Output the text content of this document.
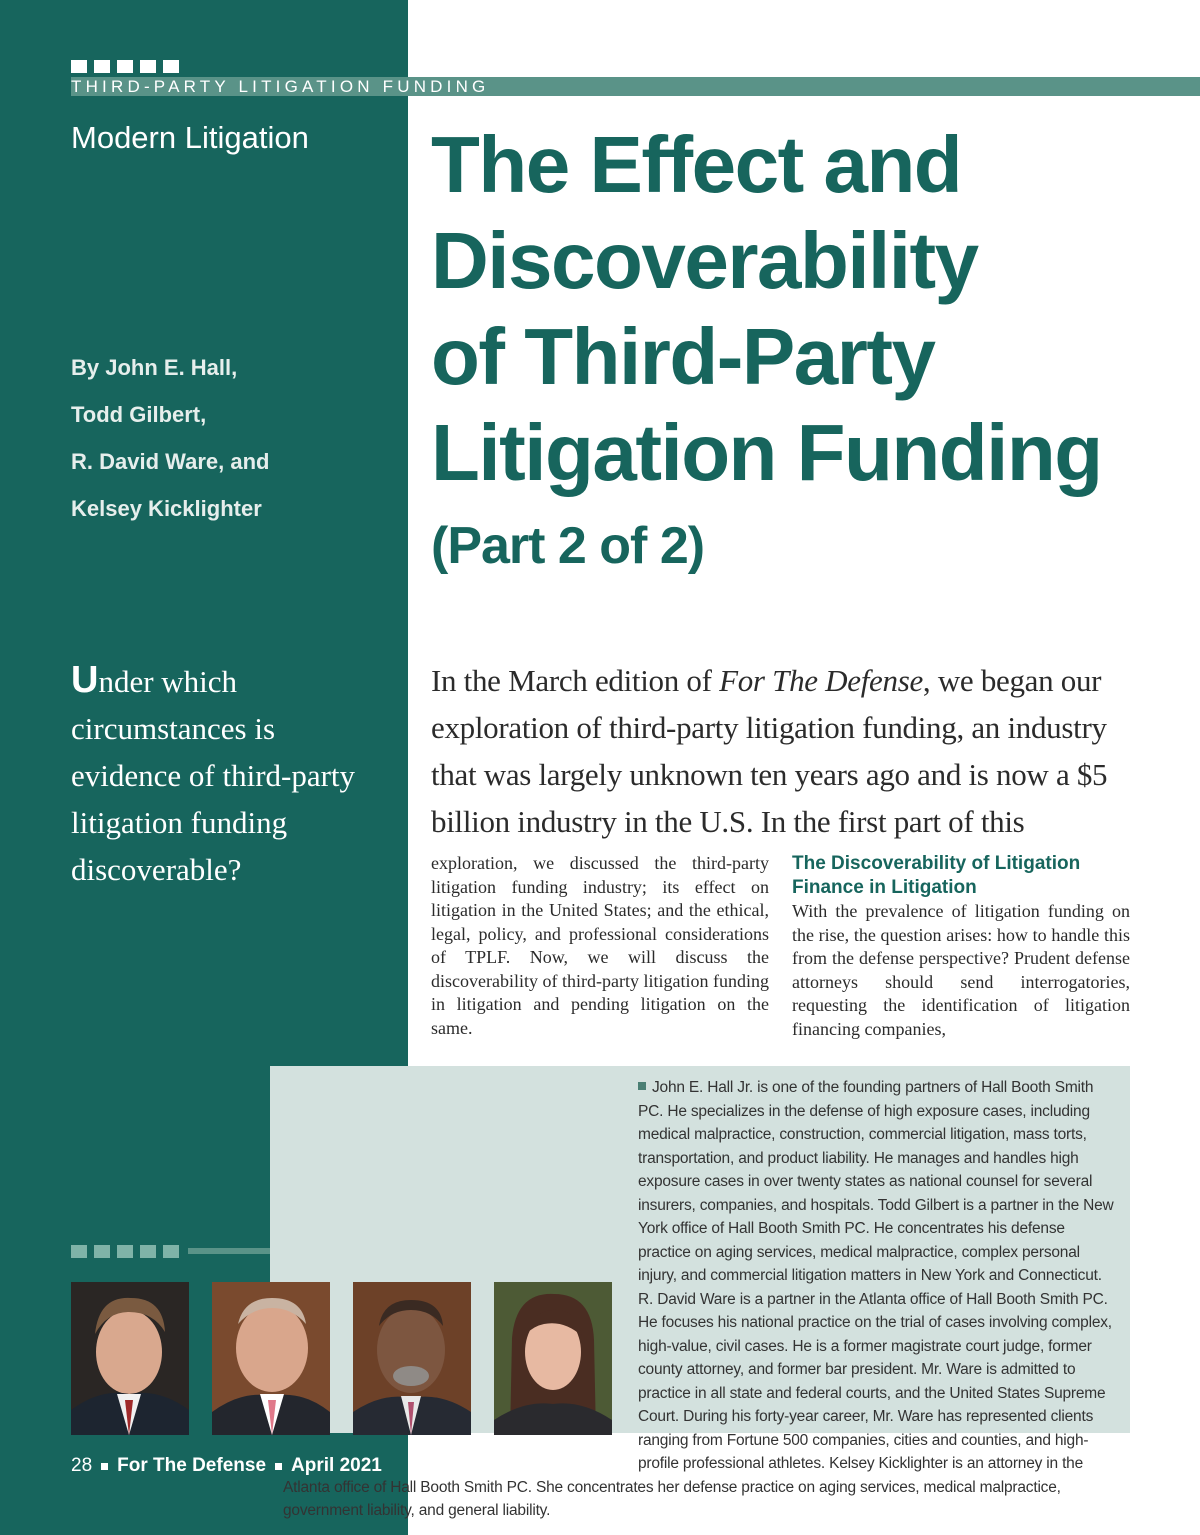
THIRD-PARTY LITIGATION FUNDING
Modern Litigation The Effect and
Discoverability
of Third-Party
Litigation Funding
(Part 2 of 2)
By John E. Hall,
Todd Gilbert,
R. David Ware, and
Kelsey Kicklighter
Under which circumstances is evidence of third-party litigation funding discoverable?
In the March edition of For The Defense, we began our exploration of third-party litigation funding, an industry that was largely unknown ten years ago and is now a $5 billion industry in the U.S. In the first part of this
exploration, we discussed the third-party litigation funding industry; its effect on litigation in the United States; and the ethical, legal, policy, and professional considerations of TPLF. Now, we will discuss the discoverability of third-party litigation funding in litigation and pending litigation on the same.
The Discoverability of Litigation Finance in Litigation
With the prevalence of litigation funding on the rise, the question arises: how to handle this from the defense perspective? Prudent defense attorneys should send interrogatories, requesting the identification of litigation financing companies,
John E. Hall Jr. is one of the founding partners of Hall Booth Smith PC. He specializes in the defense of high exposure cases, including medical malpractice, construction, commercial litigation, mass torts, transportation, and product liability. He manages and handles high exposure cases in over twenty states as national counsel for several insurers, companies, and hospitals. Todd Gilbert is a partner in the New York office of Hall Booth Smith PC. He concentrates his defense practice on aging services, medical malpractice, complex personal injury, and commercial litigation matters in New York and Connecticut. R. David Ware is a partner in the Atlanta office of Hall Booth Smith PC. He focuses his national practice on the trial of cases involving complex, high-value, civil cases. He is a former magistrate court judge, former county attorney, and former bar president. Mr. Ware is admitted to practice in all state and federal courts, and the United States Supreme Court. During his forty-year career, Mr. Ware has represented clients ranging from Fortune 500 companies, cities and counties, and high-profile professional athletes. Kelsey Kicklighter is an attorney in the Atlanta office of Hall Booth Smith PC. She concentrates her defense practice on aging services, medical malpractice, government liability, and general liability.
28 For The Defense April 2021
